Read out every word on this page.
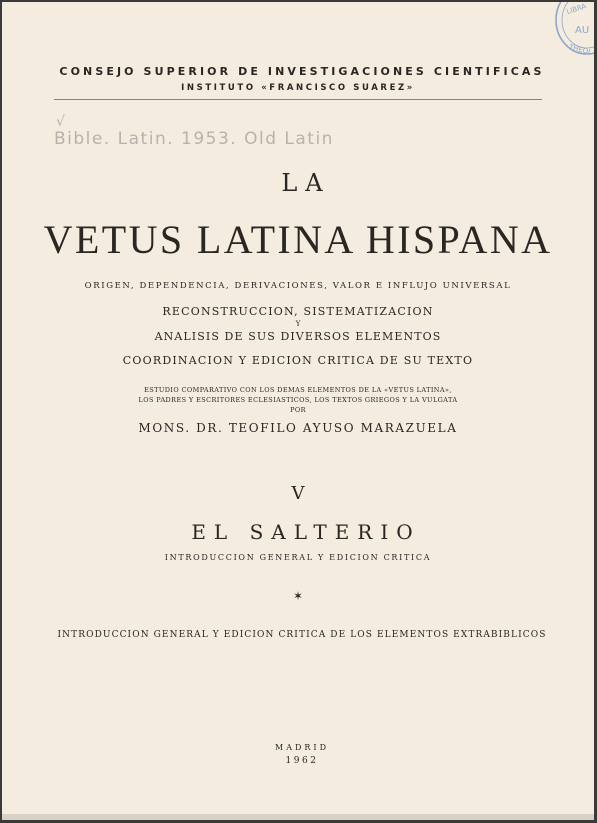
LIBRA
AU
THEOL
CONSEJO SUPERIOR DE INVESTIGACIONES CIENTIFICAS
INSTITUTO «FRANCISCO SUAREZ»
√
Bible. Latin. 1953. Old Latin
LA
VETUS LATINA HISPANA
ORIGEN, DEPENDENCIA, DERIVACIONES, VALOR E INFLUJO UNIVERSAL
RECONSTRUCCION, SISTEMATIZACION
Y
ANALISIS DE SUS DIVERSOS ELEMENTOS
COORDINACION Y EDICION CRITICA DE SU TEXTO
ESTUDIO COMPARATIVO CON LOS DEMAS ELEMENTOS DE LA «VETUS LATINA»,
LOS PADRES Y ESCRITORES ECLESIASTICOS, LOS TEXTOS GRIEGOS Y LA VULGATA
POR
MONS. DR. TEOFILO AYUSO MARAZUELA
V
EL SALTERIO
INTRODUCCION GENERAL Y EDICION CRITICA
✶
INTRODUCCION GENERAL Y EDICION CRITICA DE LOS ELEMENTOS EXTRABIBLICOS
MADRID
1962
